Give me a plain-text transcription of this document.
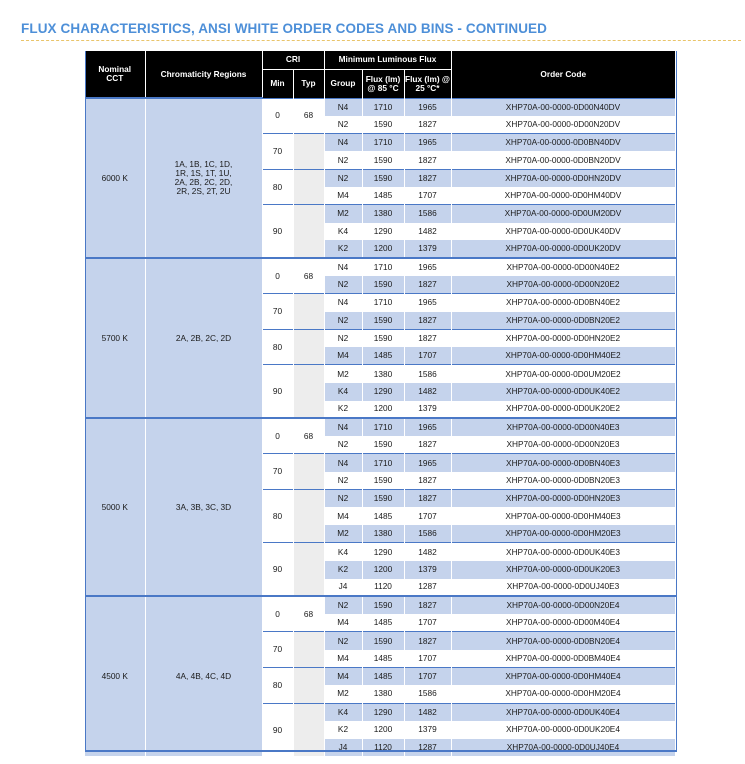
FLUX CHARACTERISTICS, ANSI WHITE ORDER CODES AND BINS - CONTINUED
Nominal CCT	Chromaticity Regions	CRI		Minimum Luminous Flux			Order Code
		Min	Typ	Group	Flux (lm) @ 85 °C	Flux (lm) @ 25 °C*	
6000 K	1A, 1B, 1C, 1D, 1R, 1S, 1T, 1U, 2A, 2B, 2C, 2D, 2R, 2S, 2T, 2U	0	68	N4	1710	1965	XHP70A-00-0000-0D00N40DV
				N2	1590	1827	XHP70A-00-0000-0D00N20DV
		70		N4	1710	1965	XHP70A-00-0000-0D0BN40DV
				N2	1590	1827	XHP70A-00-0000-0D0BN20DV
		80		N2	1590	1827	XHP70A-00-0000-0D0HN20DV
				M4	1485	1707	XHP70A-00-0000-0D0HM40DV
		90		M2	1380	1586	XHP70A-00-0000-0D0UM20DV
				K4	1290	1482	XHP70A-00-0000-0D0UK40DV
				K2	1200	1379	XHP70A-00-0000-0D0UK20DV
5700 K	2A, 2B, 2C, 2D	0	68	N4	1710	1965	XHP70A-00-0000-0D00N40E2
				N2	1590	1827	XHP70A-00-0000-0D00N20E2
		70		N4	1710	1965	XHP70A-00-0000-0D0BN40E2
				N2	1590	1827	XHP70A-00-0000-0D0BN20E2
		80		N2	1590	1827	XHP70A-00-0000-0D0HN20E2
				M4	1485	1707	XHP70A-00-0000-0D0HM40E2
		90		M2	1380	1586	XHP70A-00-0000-0D0UM20E2
				K4	1290	1482	XHP70A-00-0000-0D0UK40E2
				K2	1200	1379	XHP70A-00-0000-0D0UK20E2
5000 K	3A, 3B, 3C, 3D	0	68	N4	1710	1965	XHP70A-00-0000-0D00N40E3
				N2	1590	1827	XHP70A-00-0000-0D00N20E3
		70		N4	1710	1965	XHP70A-00-0000-0D0BN40E3
				N2	1590	1827	XHP70A-00-0000-0D0BN20E3
		80		N2	1590	1827	XHP70A-00-0000-0D0HN20E3
				M4	1485	1707	XHP70A-00-0000-0D0HM40E3
				M2	1380	1586	XHP70A-00-0000-0D0HM20E3
		90		K4	1290	1482	XHP70A-00-0000-0D0UK40E3
				K2	1200	1379	XHP70A-00-0000-0D0UK20E3
				J4	1120	1287	XHP70A-00-0000-0D0UJ40E3
4500 K	4A, 4B, 4C, 4D	0	68	N2	1590	1827	XHP70A-00-0000-0D00N20E4
				M4	1485	1707	XHP70A-00-0000-0D00M40E4
		70		N2	1590	1827	XHP70A-00-0000-0D0BN20E4
				M4	1485	1707	XHP70A-00-0000-0D0BM40E4
		80		M4	1485	1707	XHP70A-00-0000-0D0HM40E4
				M2	1380	1586	XHP70A-00-0000-0D0HM20E4
		90		K4	1290	1482	XHP70A-00-0000-0D0UK40E4
				K2	1200	1379	XHP70A-00-0000-0D0UK20E4
				J4	1120	1287	XHP70A-00-0000-0D0UJ40E4
